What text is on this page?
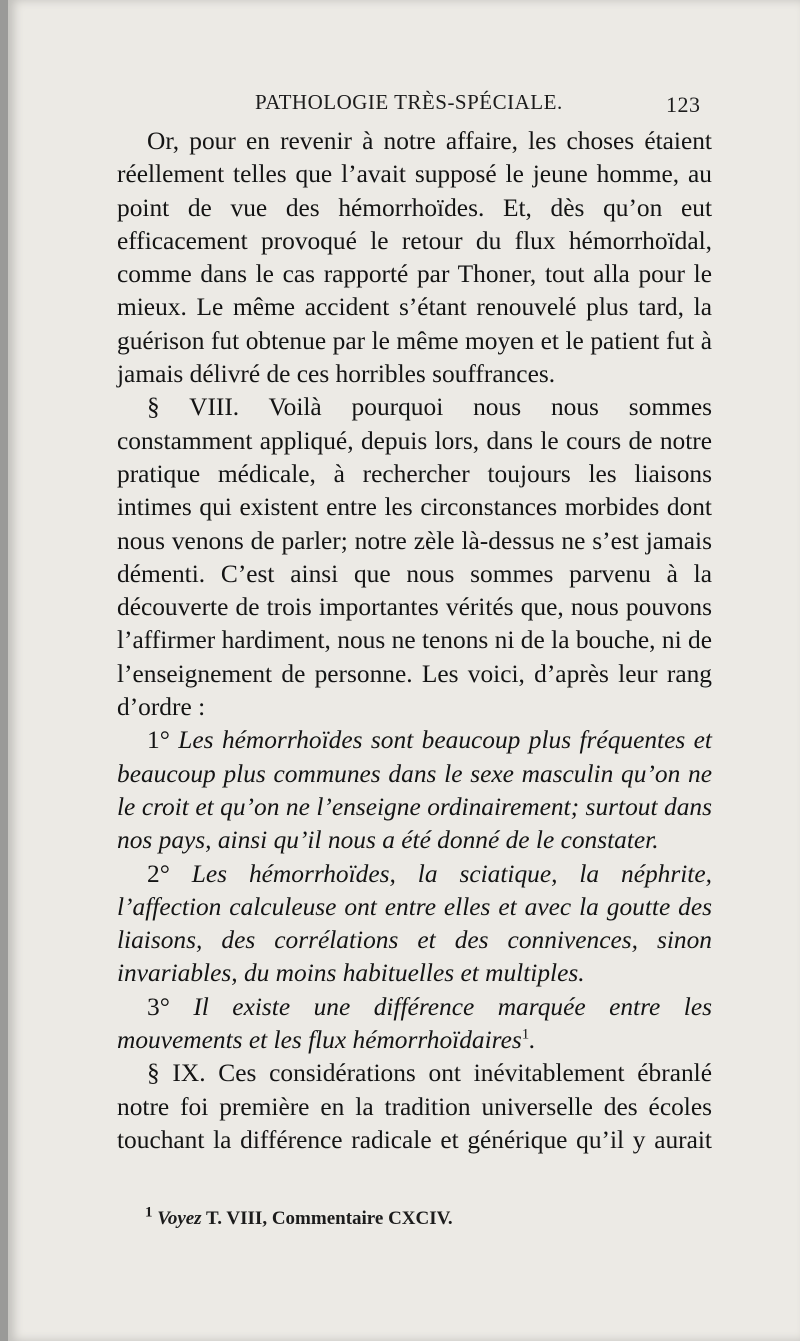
PATHOLOGIE TRÈS-SPÉCIALE.	123

Or, pour en revenir à notre affaire, les choses étaient réellement telles que l’avait supposé le jeune homme, au point de vue des hémorrhoïdes. Et, dès qu’on eut efficacement provoqué le retour du flux hémorrhoïdal, comme dans le cas rapporté par Thoner, tout alla pour le mieux. Le même accident s’étant renouvelé plus tard, la guérison fut obtenue par le même moyen et le patient fut à jamais délivré de ces horribles souffrances.

§ VIII. Voilà pourquoi nous nous sommes constamment appliqué, depuis lors, dans le cours de notre pratique médicale, à rechercher toujours les liaisons intimes qui existent entre les circonstances morbides dont nous venons de parler; notre zèle là-dessus ne s’est jamais démenti. C’est ainsi que nous sommes parvenu à la découverte de trois importantes vérités que, nous pouvons l’affirmer hardiment, nous ne tenons ni de la bouche, ni de l’enseignement de personne. Les voici, d’après leur rang d’ordre :

1° Les hémorrhoïdes sont beaucoup plus fréquentes et beaucoup plus communes dans le sexe masculin qu’on ne le croit et qu’on ne l’enseigne ordinairement; surtout dans nos pays, ainsi qu’il nous a été donné de le constater.

2° Les hémorrhoïdes, la sciatique, la néphrite, l’affection calculeuse ont entre elles et avec la goutte des liaisons, des corrélations et des connivences, sinon invariables, du moins habituelles et multiples.

3° Il existe une différence marquée entre les mouvements et les flux hémorrhoïdaires$^1$.

§ IX. Ces considérations ont inévitablement ébranlé notre foi première en la tradition universelle des écoles touchant la différence radicale et générique qu’il y aurait

$^1$ Voyez T. VIII, Commentaire CXCIV.
